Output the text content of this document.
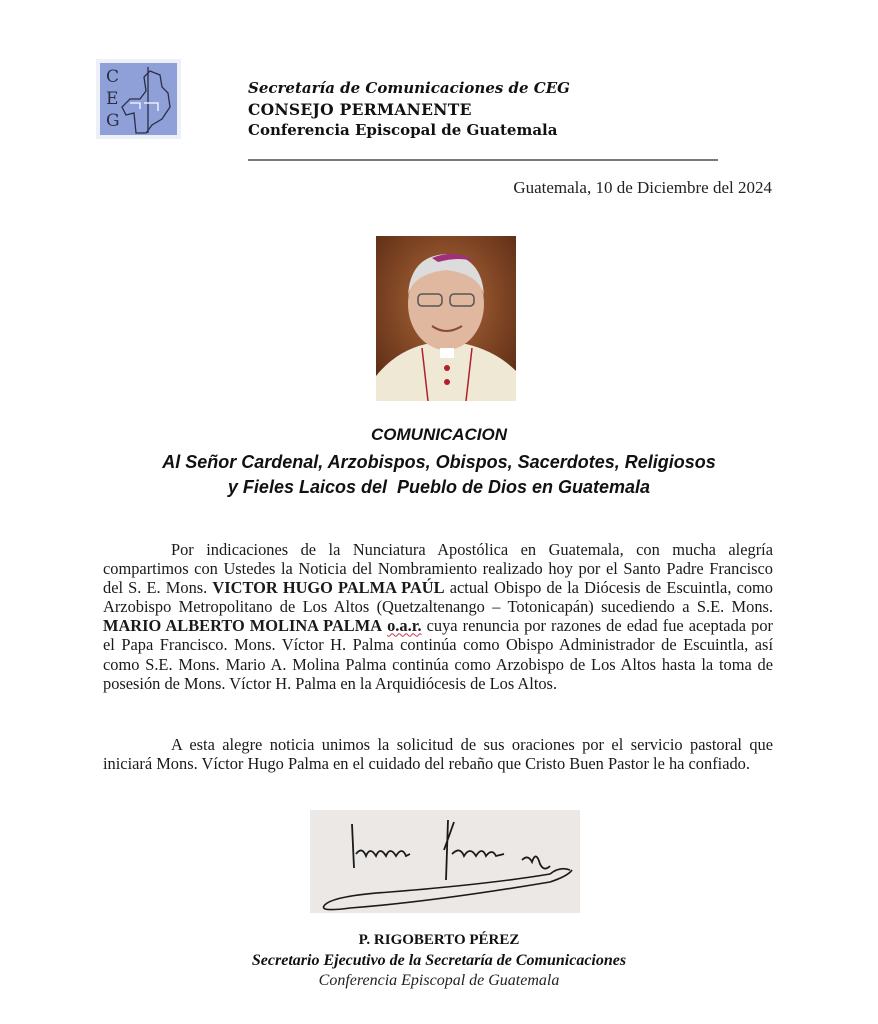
C
E
G
Secretaría de Comunicaciones de CEG
CONSEJO PERMANENTE
Conferencia Episcopal de Guatemala
Guatemala, 10 de Diciembre del 2024
COMUNICACION
Al Señor Cardenal, Arzobispos, Obispos, Sacerdotes, Religiosos
y Fieles Laicos del  Pueblo de Dios en Guatemala
Por indicaciones de la Nunciatura Apostólica en Guatemala, con mucha alegría compartimos con Ustedes la Noticia del Nombramiento realizado hoy por el Santo Padre Francisco del S. E. Mons. VICTOR HUGO PALMA PAÚL actual Obispo de la Diócesis de Escuintla, como Arzobispo Metropolitano de Los Altos (Quetzaltenango – Totonicapán) sucediendo a S.E. Mons. MARIO ALBERTO MOLINA PALMA o.a.r. cuya renuncia por razones de edad fue aceptada por el Papa Francisco. Mons. Víctor H. Palma continúa como Obispo Administrador de Escuintla, así como S.E. Mons. Mario A. Molina Palma continúa como Arzobispo de Los Altos hasta la toma de posesión de Mons. Víctor H. Palma en la Arquidiócesis de Los Altos.
A esta alegre noticia unimos la solicitud de sus oraciones por el servicio pastoral que iniciará Mons. Víctor Hugo Palma en el cuidado del rebaño que Cristo Buen Pastor le ha confiado.
P. RIGOBERTO PÉREZ
Secretario Ejecutivo de la Secretaría de Comunicaciones
Conferencia Episcopal de Guatemala
